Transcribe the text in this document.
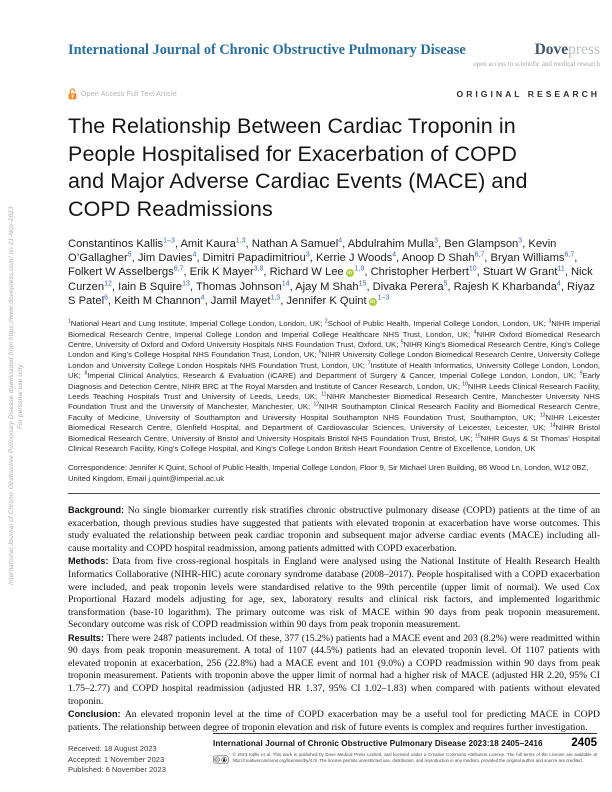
International Journal of Chronic Obstructive Pulmonary Disease downloaded from https://www.dovepress.com/ on 21-Nov-2023 For personal use only.
International Journal of Chronic Obstructive Pulmonary Disease	Dovepress
open access to scientific and medical research
Open Access Full Text Article	ORIGINAL RESEARCH
The Relationship Between Cardiac Troponin in
People Hospitalised for Exacerbation of COPD
and Major Adverse Cardiac Events (MACE) and
COPD Readmissions

Constantinos Kallis$^{1-3}$, Amit Kaura$^{1,3}$, Nathan A Samuel$^4$, Abdulrahim Mulla$^3$, Ben Glampson$^3$, Kevin O’Gallagher$^5$, Jim Davies$^4$, Dimitri Papadimitriou$^3$, Kerrie J Woods$^4$, Anoop D Shah$^{6,7}$, Bryan Williams$^{6,7}$, Folkert W Asselbergs$^{6,7}$, Erik K Mayer$^{3,8}$, Richard W Lee iD$^{1,9}$, Christopher Herbert$^{10}$, Stuart W Grant$^{11}$, Nick Curzen$^{12}$, Iain B Squire$^{13}$, Thomas Johnson$^{14}$, Ajay M Shah$^{15}$, Divaka Perera$^5$, Rajesh K Kharbanda$^4$, Riyaz S Patel$^6$, Keith M Channon$^4$, Jamil Mayet$^{1,3}$, Jennifer K Quint $iD^{1-3}$

$^1$National Heart and Lung Institute, Imperial College London, London, UK; $^2$School of Public Health, Imperial College London, London, UK; $^3$NIHR Imperial Biomedical Research Centre, Imperial College London and Imperial College Healthcare NHS Trust, London, UK; $^4$NIHR Oxford Biomedical Research Centre, University of Oxford and Oxford University Hospitals NHS Foundation Trust, Oxford, UK; $^5$NIHR King’s Biomedical Research Centre, King’s College London and King’s College Hospital NHS Foundation Trust, London, UK; $^6$NIHR University College London Biomedical Research Centre, University College London and University College London Hospitals NHS Foundation Trust, London, UK; $^7$Institute of Health Informatics, University College London, London, UK; $^8$Imperial Clinical Analytics, Research & Evaluation (iCARE) and Department of Surgery & Cancer, Imperial College London, London, UK; $^9$Early Diagnosis and Detection Centre, NIHR BRC at The Royal Marsden and Institute of Cancer Research, London, UK; $^{10}$NIHR Leeds Clinical Research Facility, Leeds Teaching Hospitals Trust and University of Leeds, Leeds, UK; $^{11}$NIHR Manchester Biomedical Research Centre, Manchester University NHS Foundation Trust and the University of Manchester, Manchester, UK; $^{12}$NIHR Southampton Clinical Research Facility and Biomedical Research Centre, Faculty of Medicine, University of Southampton and University Hospital Southampton NHS Foundation Trust, Southampton, UK; $^{13}$NIHR Leicester Biomedical Research Centre, Glenfield Hospital, and Department of Cardiovascular Sciences, University of Leicester, Leicester, UK; $^{14}$NIHR Bristol Biomedical Research Centre, University of Bristol and University Hospitals Bristol NHS Foundation Trust, Bristol, UK; $^{15}$NIHR Guys & St Thomas’ Hospital Clinical Research Facility, King’s College Hospital, and King’s College London British Heart Foundation Centre of Excellence, London, UK

Correspondence: Jennifer K Quint, School of Public Health, Imperial College London, Floor 9, Sir Michael Uren Building, 86 Wood Ln, London, W12 0BZ, United Kingdom, Email j.quint@imperial.ac.uk

Background: No single biomarker currently risk stratifies chronic obstructive pulmonary disease (COPD) patients at the time of an exacerbation, though previous studies have suggested that patients with elevated troponin at exacerbation have worse outcomes. This study evaluated the relationship between peak cardiac troponin and subsequent major adverse cardiac events (MACE) including all-cause mortality and COPD hospital readmission, among patients admitted with COPD exacerbation.

Methods: Data from five cross-regional hospitals in England were analysed using the National Institute of Health Research Health Informatics Collaborative (NIHR-HIC) acute coronary syndrome database (2008–2017). People hospitalised with a COPD exacerbation were included, and peak troponin levels were standardised relative to the 99th percentile (upper limit of normal). We used Cox Proportional Hazard models adjusting for age, sex, laboratory results and clinical risk factors, and implemented logarithmic transformation (base-10 logarithm). The primary outcome was risk of MACE within 90 days from peak troponin measurement. Secondary outcome was risk of COPD readmission within 90 days from peak troponin measurement.

Results: There were 2487 patients included. Of these, 377 (15.2%) patients had a MACE event and 203 (8.2%) were readmitted within 90 days from peak troponin measurement. A total of 1107 (44.5%) patients had an elevated troponin level. Of 1107 patients with elevated troponin at exacerbation, 256 (22.8%) had a MACE event and 101 (9.0%) a COPD readmission within 90 days from peak troponin measurement. Patients with troponin above the upper limit of normal had a higher risk of MACE (adjusted HR 2.20, 95% CI 1.75–2.77) and COPD hospital readmission (adjusted HR 1.37, 95% CI 1.02–1.83) when compared with patients without elevated troponin.

Conclusion: An elevated troponin level at the time of COPD exacerbation may be a useful tool for predicting MACE in COPD patients. The relationship between degree of troponin elevation and risk of future events is complex and requires further investigation.

Received: 18 August 2023
Accepted: 1 November 2023
Published: 6 November 2023
International Journal of Chronic Obstructive Pulmonary Disease 2023:18 2405–2416	2405
CC
© 2023 Kallis et al. This work is published by Dove Medical Press Limited, and licensed under a Creative Commons Attribution License. The full terms of the License are available at http://creativecommons.org/licenses/by/4.0/. The license permits unrestricted use, distribution, and reproduction in any medium, provided the original author and source are credited.
